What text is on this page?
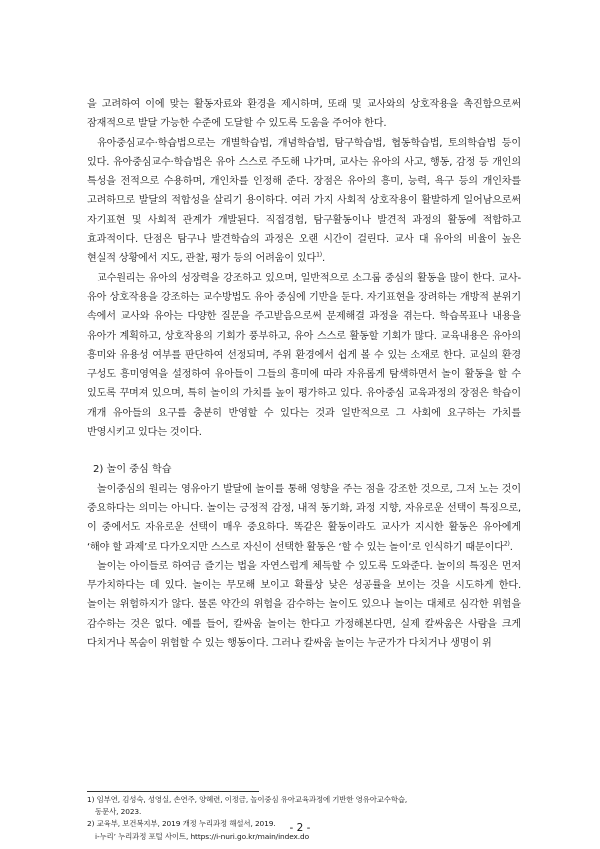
을 고려하여 이에 맞는 활동자료와 환경을 제시하며, 또래 및 교사와의 상호작용을 촉진함으로써 잠재적으로 발달 가능한 수준에 도달할 수 있도록 도움을 주어야 한다.

유아중심교수·학습법으로는 개별학습법, 개념학습법, 탐구학습법, 협동학습법, 토의학습법 등이 있다. 유아중심교수·학습법은 유아 스스로 주도해 나가며, 교사는 유아의 사고, 행동, 감정 등 개인의 특성을 전적으로 수용하며, 개인차를 인정해 준다. 장점은 유아의 흥미, 능력, 욕구 등의 개인차를 고려하므로 발달의 적합성을 살리기 용이하다. 여러 가지 사회적 상호작용이 활발하게 일어남으로써 자기표현 및 사회적 관계가 개발된다. 직접경험, 탐구활동이나 발견적 과정의 활동에 적합하고 효과적이다. 단점은 탐구나 발견학습의 과정은 오랜 시간이 걸린다. 교사 대 유아의 비율이 높은 현실적 상황에서 지도, 관찰, 평가 등의 어려움이 있다$^{1)}$.

교수원리는 유아의 성장력을 강조하고 있으며, 일반적으로 소그룹 중심의 활동을 많이 한다. 교사-유아 상호작용을 강조하는 교수방법도 유아 중심에 기반을 둔다. 자기표현을 장려하는 개방적 분위기 속에서 교사와 유아는 다양한 질문을 주고받음으로써 문제해결 과정을 겪는다. 학습목표나 내용을 유아가 계획하고, 상호작용의 기회가 풍부하고, 유아 스스로 활동할 기회가 많다. 교육내용은 유아의 흥미와 유용성 여부를 판단하여 선정되며, 주위 환경에서 쉽게 볼 수 있는 소재로 한다. 교실의 환경 구성도 흥미영역을 설정하여 유아들이 그들의 흥미에 따라 자유롭게 탐색하면서 놀이 활동을 할 수 있도록 꾸며져 있으며, 특히 놀이의 가치를 높이 평가하고 있다. 유아중심 교육과정의 장점은 학습이 개개 유아들의 요구를 충분히 반영할 수 있다는 것과 일반적으로 그 사회에 요구하는 가치를 반영시키고 있다는 것이다.

2) 놀이 중심 학습

놀이중심의 원리는 영유아기 발달에 놀이를 통해 영향을 주는 점을 강조한 것으로, 그저 노는 것이 중요하다는 의미는 아니다. 놀이는 긍정적 감정, 내적 동기화, 과정 지향, 자유로운 선택이 특징으로, 이 중에서도 자유로운 선택이 매우 중요하다. 똑같은 활동이라도 교사가 지시한 활동은 유아에게 ‘해야 할 과제’로 다가오지만 스스로 자신이 선택한 활동은 ‘할 수 있는 놀이’로 인식하기 때문이다$^{2)}$.

놀이는 아이들로 하여금 즐기는 법을 자연스럽게 체득할 수 있도록 도와준다. 놀이의 특징은 먼저 무가치하다는 데 있다. 놀이는 무모해 보이고 확률상 낮은 성공률을 보이는 것을 시도하게 한다. 놀이는 위험하지가 않다. 물론 약간의 위험을 감수하는 놀이도 있으나 놀이는 대체로 심각한 위험을 감수하는 것은 없다. 예를 들어, 칼싸움 놀이는 한다고 가정해본다면, 실제 칼싸움은 사람을 크게 다치거나 목숨이 위험할 수 있는 행동이다. 그러나 칼싸움 놀이는 누군가가 다치거나 생명이 위

1) 임부연, 김성숙, 성영실, 손연주, 양혜련, 이정금, 놀이중심 유아교육과정에 기반한 영유아교수학습,
동문사, 2023.

2) 교육부, 보건복지부, 2019 개정 누리과정 해설서, 2019.
i-누리’ 누리과정 포털 사이트, https://i-nuri.go.kr/main/index.do

- 2 -
